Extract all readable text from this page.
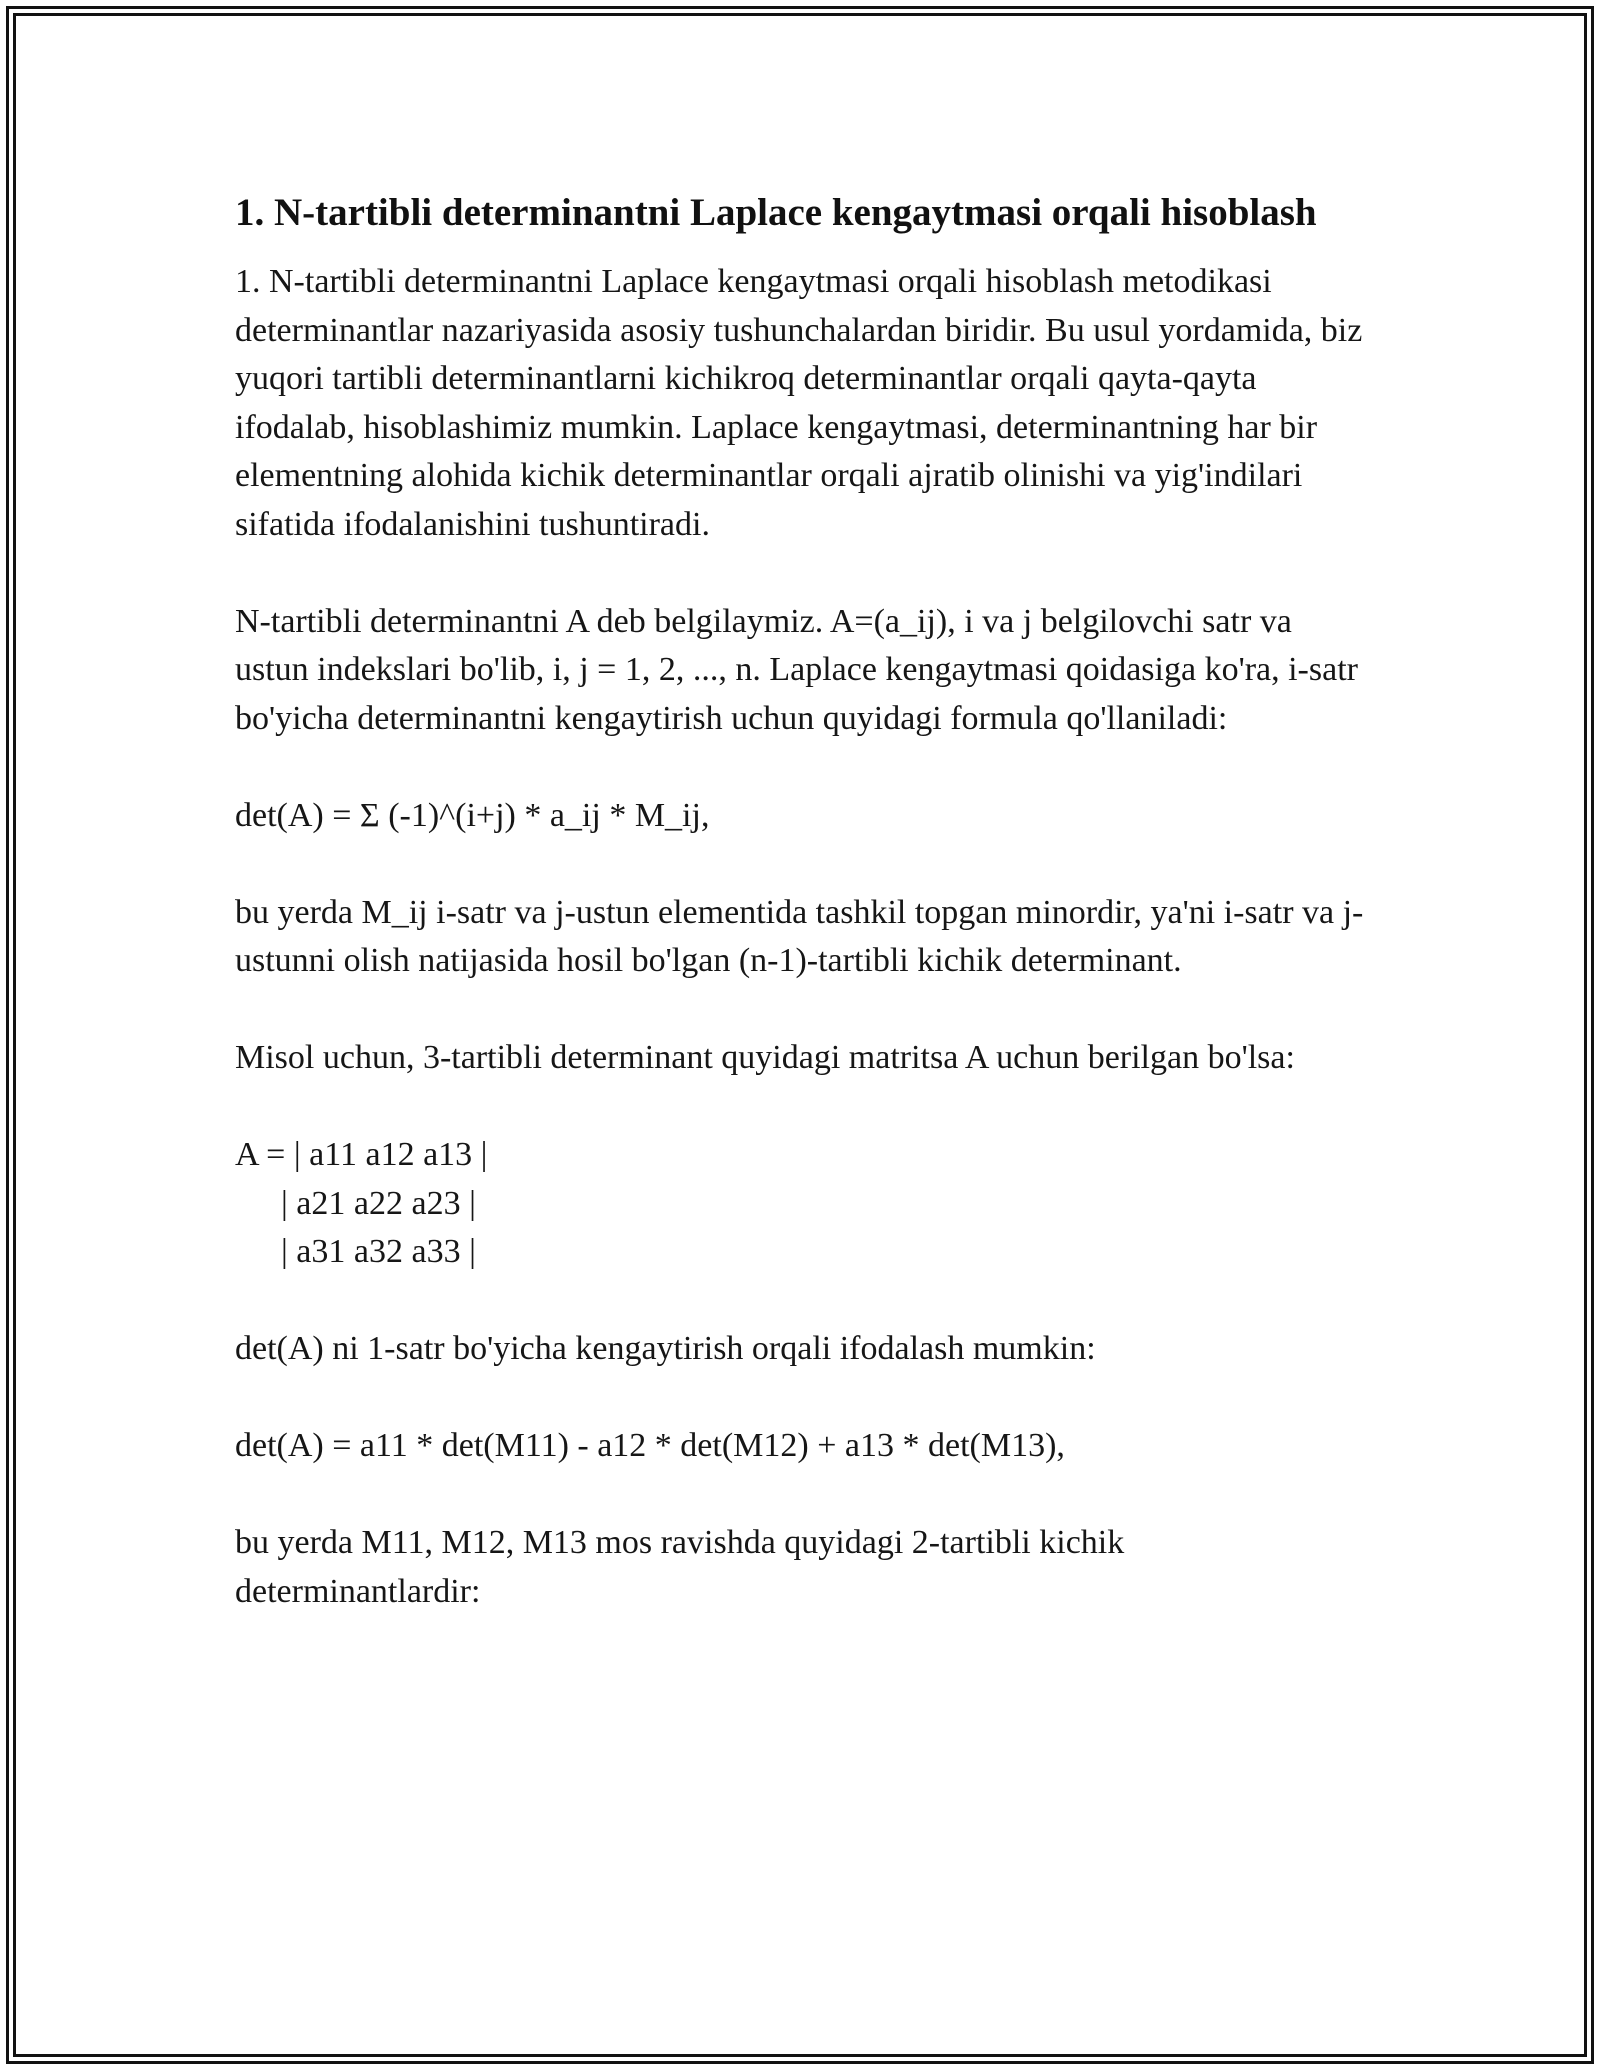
1. N-tartibli determinantni Laplace kengaytmasi orqali hisoblash

1. N-tartibli determinantni Laplace kengaytmasi orqali hisoblash metodikasi determinantlar nazariyasida asosiy tushunchalardan biridir. Bu usul yordamida, biz yuqori tartibli determinantlarni kichikroq determinantlar orqali qayta-qayta ifodalab, hisoblashimiz mumkin. Laplace kengaytmasi, determinantning har bir elementning alohida kichik determinantlar orqali ajratib olinishi va yig'indilari sifatida ifodalanishini tushuntiradi.

N-tartibli determinantni A deb belgilaymiz. A=(a_ij), i va j belgilovchi satr va ustun indekslari bo'lib, i, j = 1, 2, ..., n. Laplace kengaytmasi qoidasiga ko'ra, i-satr bo'yicha determinantni kengaytirish uchun quyidagi formula qo'llaniladi:

det(A) = Σ (-1)^(i+j) * a_ij * M_ij,

bu yerda M_ij i-satr va j-ustun elementida tashkil topgan minordir, ya'ni i-satr va j-ustunni olish natijasida hosil bo'lgan (n-1)-tartibli kichik determinant.

Misol uchun, 3-tartibli determinant quyidagi matritsa A uchun berilgan bo'lsa:

A = | a11 a12 a13 |

| a21 a22 a23 |

| a31 a32 a33 |

det(A) ni 1-satr bo'yicha kengaytirish orqali ifodalash mumkin:

det(A) = a11 * det(M11) - a12 * det(M12) + a13 * det(M13),

bu yerda M11, M12, M13 mos ravishda quyidagi 2-tartibli kichik determinantlardir:
